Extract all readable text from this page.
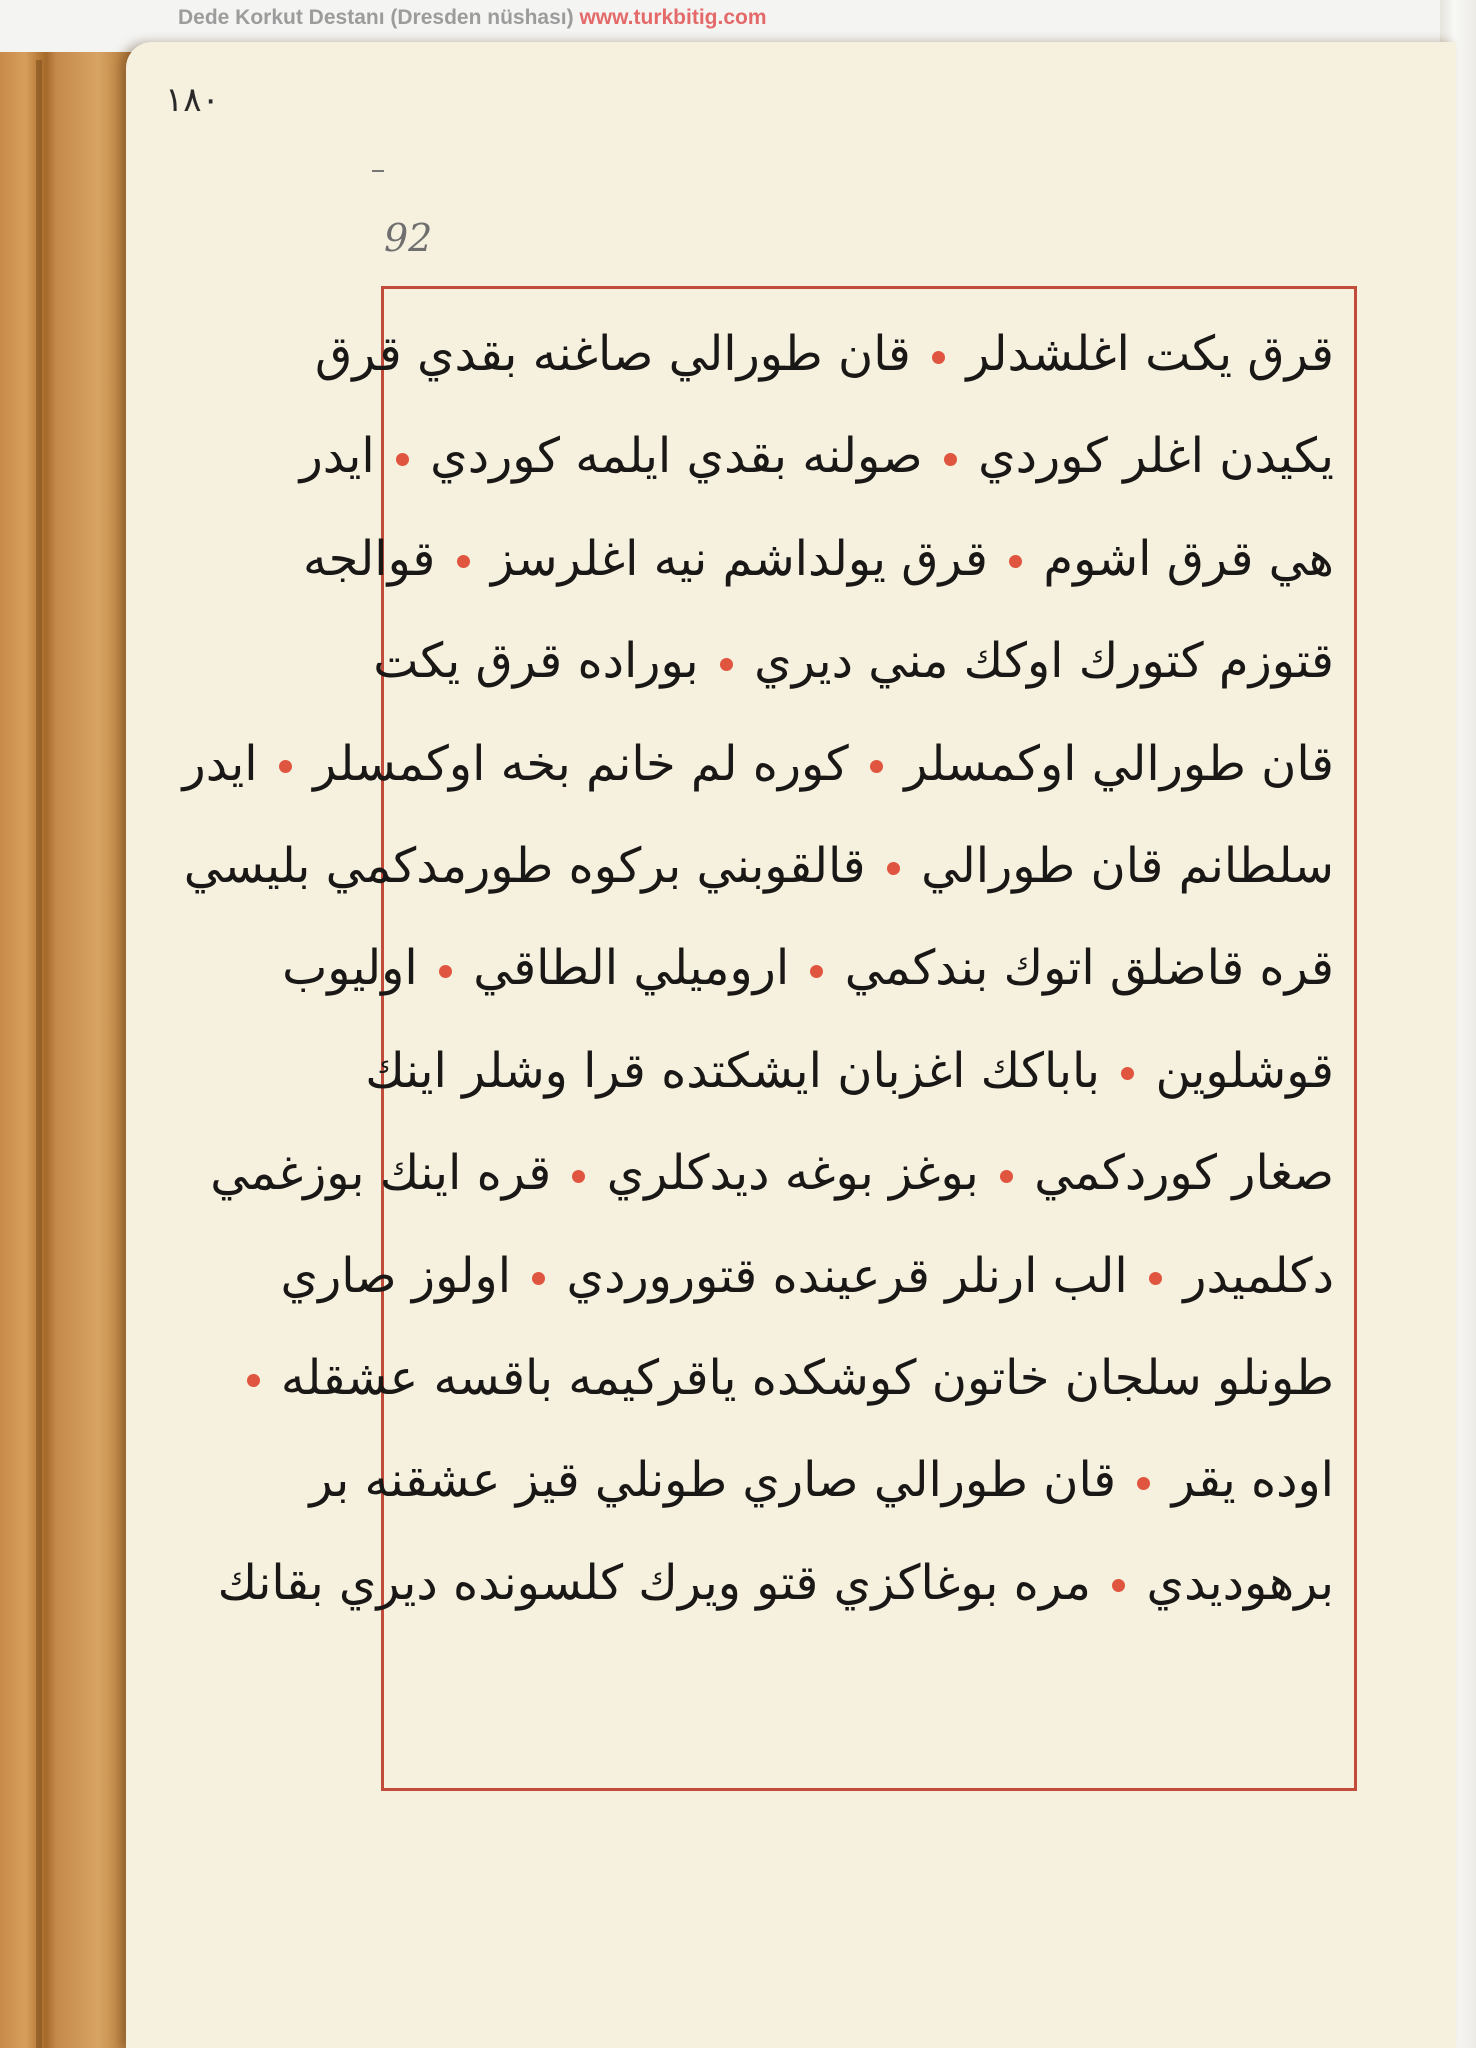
Dede Korkut Destanı (Dresden nüshası) www.turkbitig.com
١٨٠
92
قرق يكت اغلشدلر  قان طورالي صاغنه بقدي قرق
يكيدن اغلر كوردي  صولنه بقدي ايلمه كوردي  ايدر
هي قرق اشوم  قرق يولداشم نيه اغلرسز  قوالجه
قتوزم كتورك اوكك مني ديري  بوراده قرق يكت
قان طورالي اوكمسلر  كوره لم خانم بخه اوكمسلر  ايدر
سلطانم قان طورالي  قالقوبني بركوه طورمدكمي بليسي
قره قاضلق اتوك بندكمي  اروميلي الطاقي  اوليوب
قوشلوين  باباكك اغزبان ايشكتده قرا وشلر اينك
صغار كوردكمي  بوغز بوغه ديدكلري  قره اينك بوزغمي
دكلميدر  الب ارنلر قرعينده قتوروردي  اولوز صاري
طونلو سلجان خاتون كوشكده ياقركيمه باقسه عشقله
اوده يقر  قان طورالي صاري طونلي قيز عشقنه بر
برهوديدي  مره بوغاكزي قتو ويرك كلسونده ديري بقانك
